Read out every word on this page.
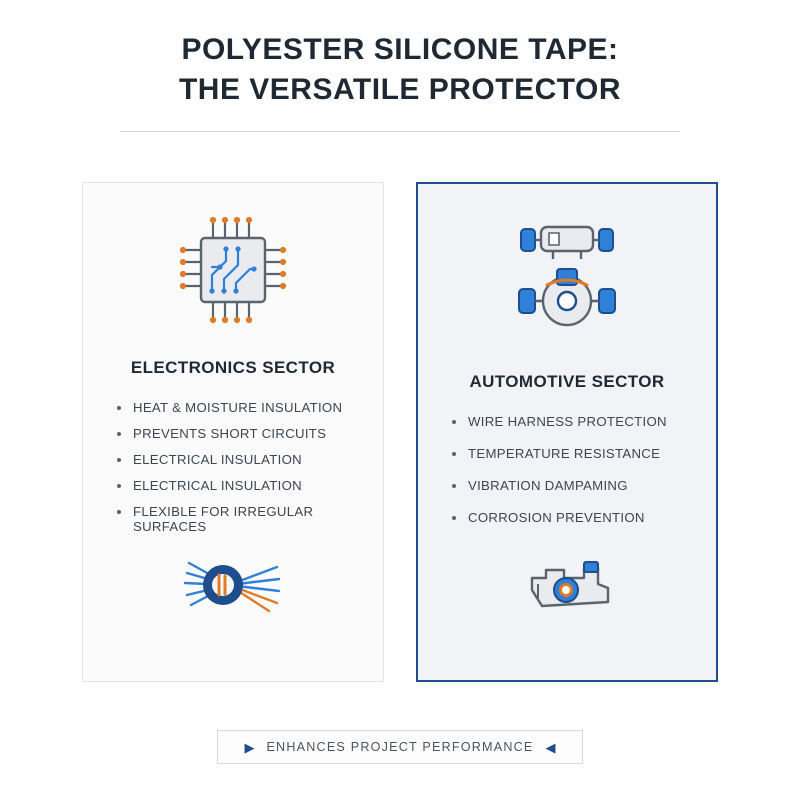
POLYESTER SILICONE TAPE:
THE VERSATILE PROTECTOR
ELECTRONICS SECTOR
HEAT & MOISTURE INSULATION
PREVENTS SHORT CIRCUITS
ELECTRICAL INSULATION
ELECTRICAL INSULATION
FLEXIBLE FOR IRREGULAR SURFACES
AUTOMOTIVE SECTOR
WIRE HARNESS PROTECTION
TEMPERATURE RESISTANCE
VIBRATION DAMPAMING
CORROSION PREVENTION
▶ ENHANCES PROJECT PERFORMANCE ◀
